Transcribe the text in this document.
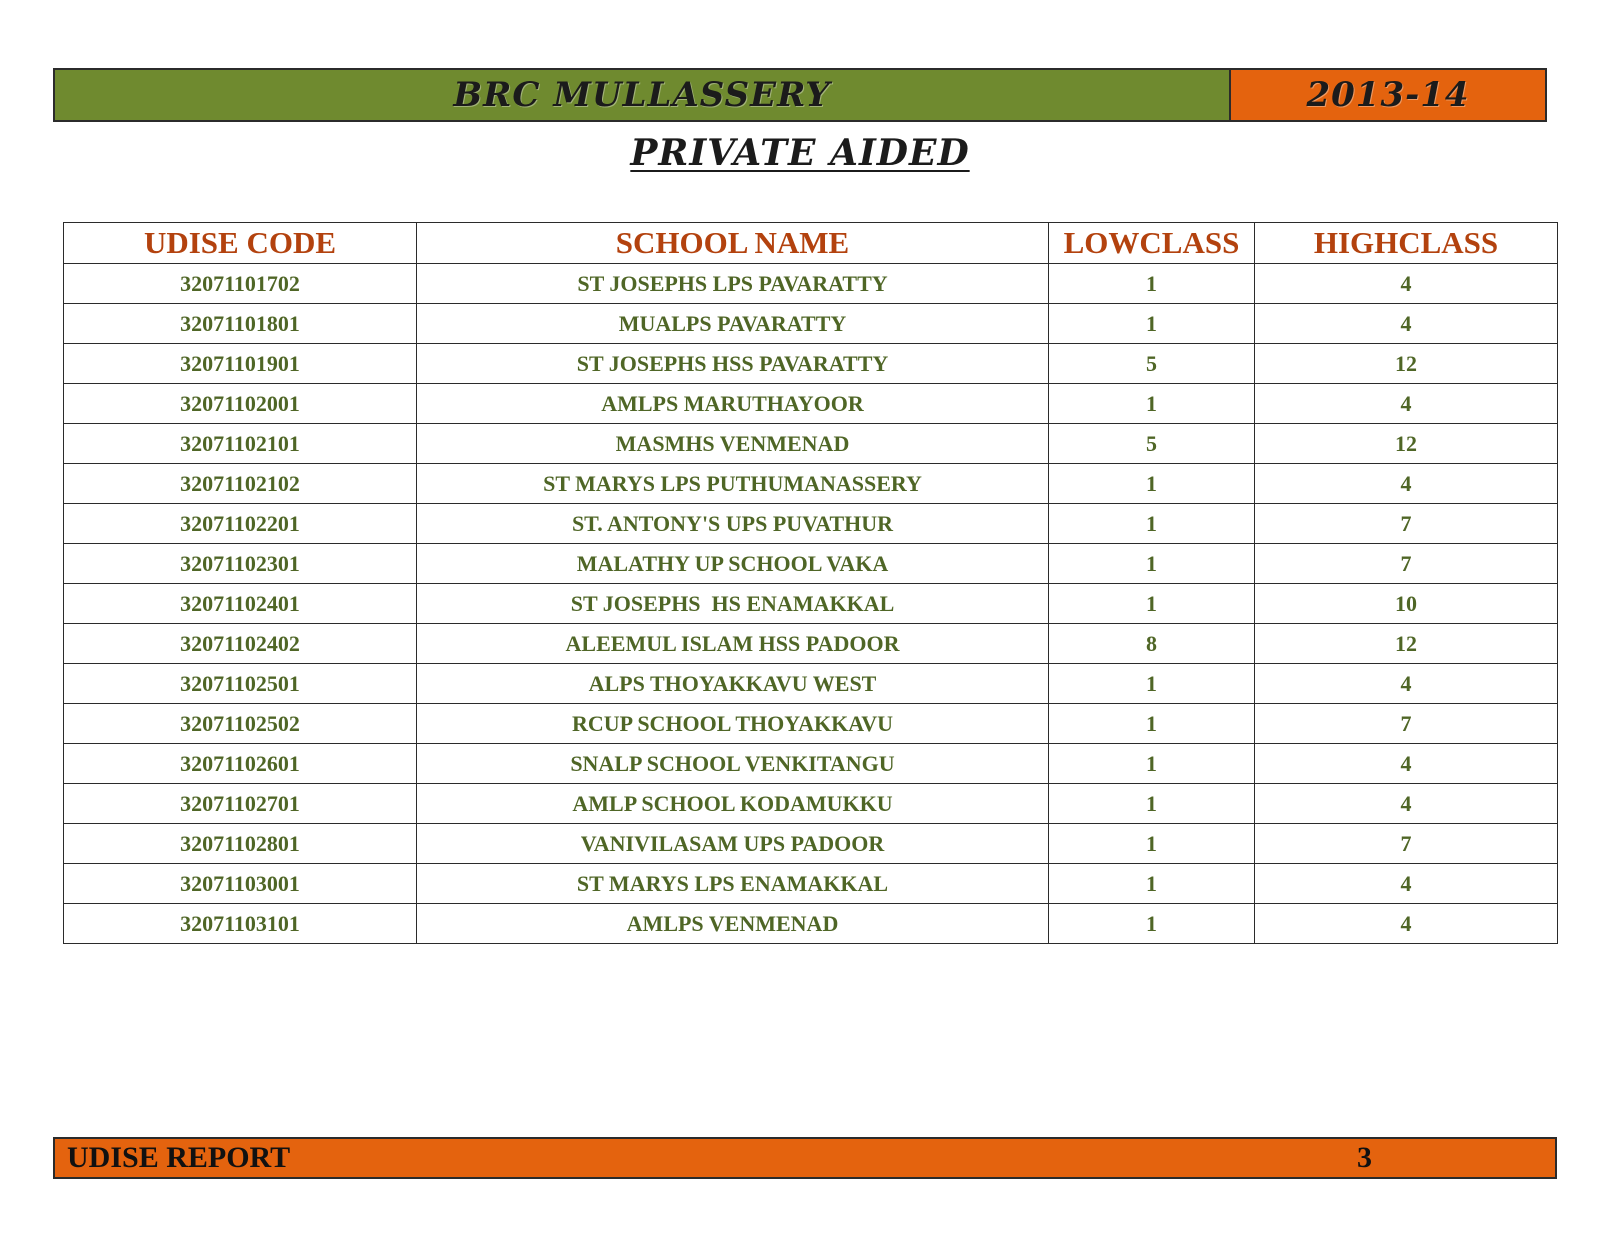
BRC MULLASSERY	2013-14
PRIVATE AIDED
UDISE CODE	SCHOOL NAME	LOWCLASS	HIGHCLASS
32071101702	ST JOSEPHS LPS PAVARATTY	1	4
32071101801	MUALPS PAVARATTY	1	4
32071101901	ST JOSEPHS HSS PAVARATTY	5	12
32071102001	AMLPS MARUTHAYOOR	1	4
32071102101	MASMHS VENMENAD	5	12
32071102102	ST MARYS LPS PUTHUMANASSERY	1	4
32071102201	ST. ANTONY'S UPS PUVATHUR	1	7
32071102301	MALATHY UP SCHOOL VAKA	1	7
32071102401	ST JOSEPHS  HS ENAMAKKAL	1	10
32071102402	ALEEMUL ISLAM HSS PADOOR	8	12
32071102501	ALPS THOYAKKAVU WEST	1	4
32071102502	RCUP SCHOOL THOYAKKAVU	1	7
32071102601	SNALP SCHOOL VENKITANGU	1	4
32071102701	AMLP SCHOOL KODAMUKKU	1	4
32071102801	VANIVILASAM UPS PADOOR	1	7
32071103001	ST MARYS LPS ENAMAKKAL	1	4
32071103101	AMLPS VENMENAD	1	4
UDISE REPORT	3
